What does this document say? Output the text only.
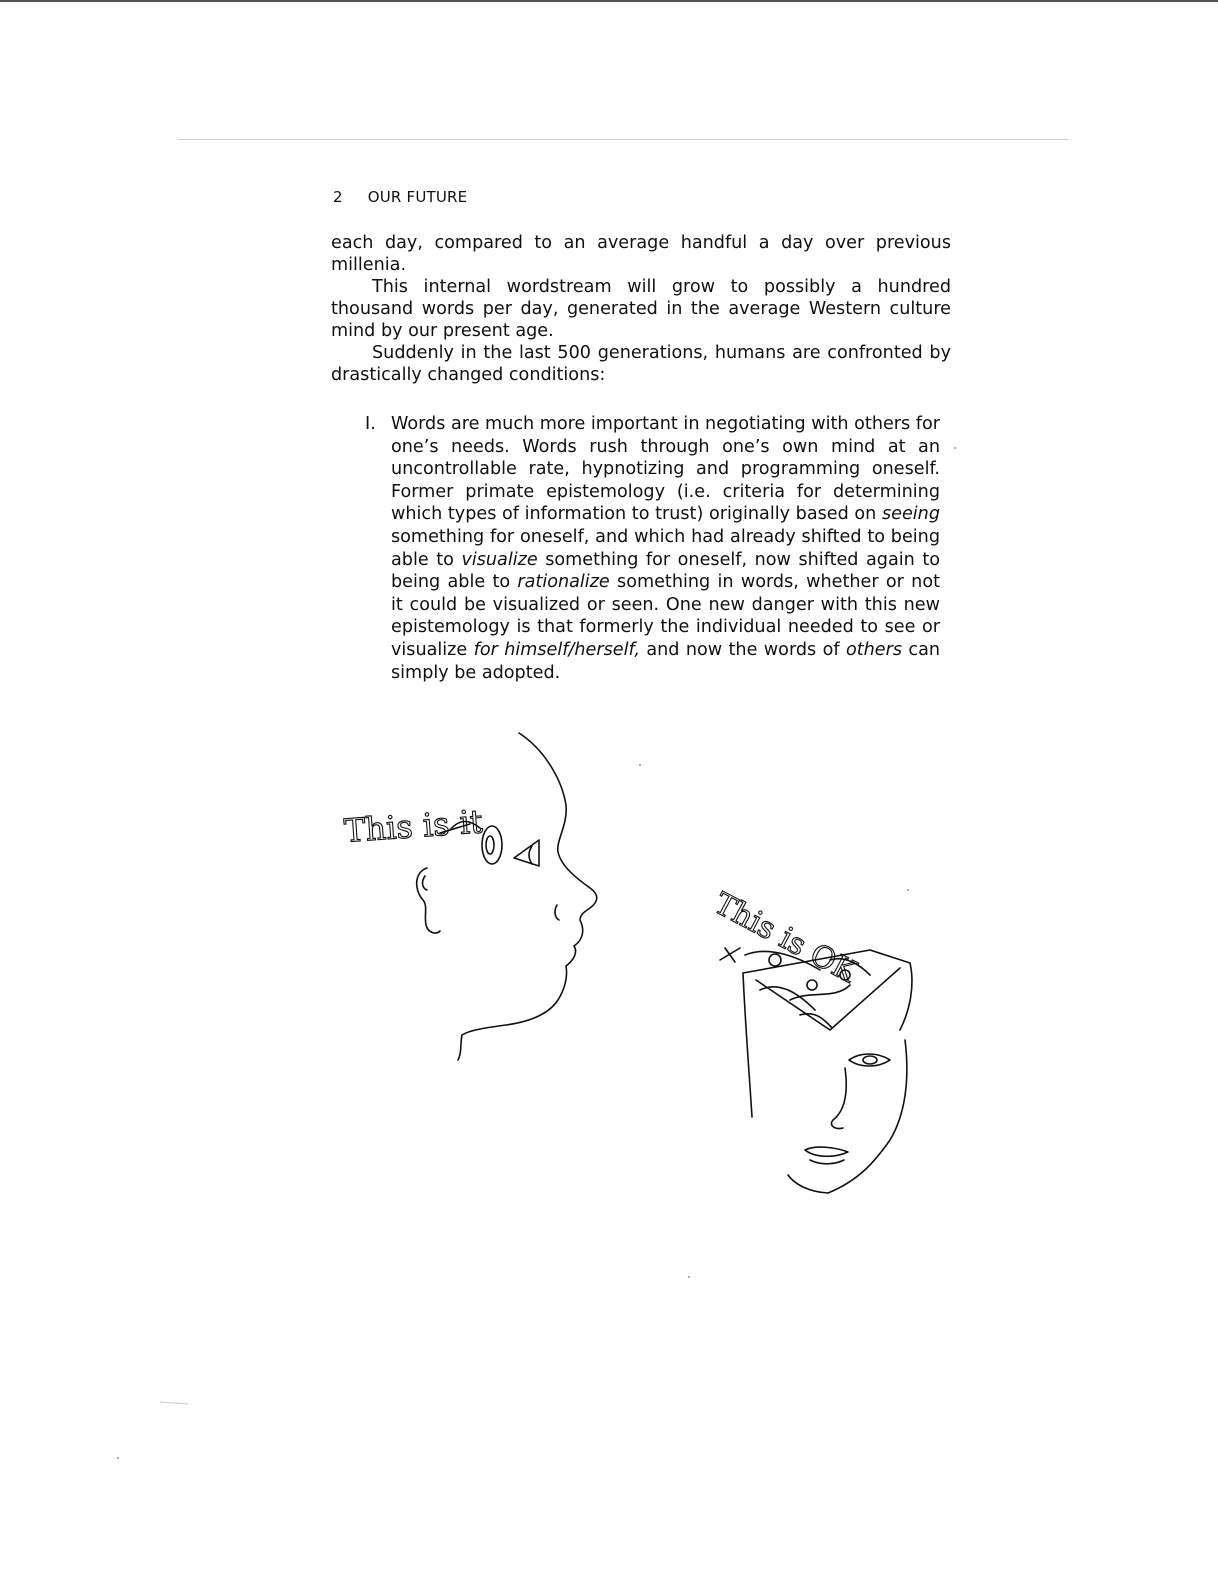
2 OUR FUTURE

each day, compared to an average handful a day over previous millenia.

This internal wordstream will grow to possibly a hundred thousand words per day, generated in the average Western culture mind by our present age.

Suddenly in the last 500 generations, humans are confronted by drastically changed conditions:

I. Words are much more important in negotiating with others for one’s needs. Words rush through one’s own mind at an uncontrollable rate, hypnotizing and programming oneself. Former primate epistemology (i.e. criteria for determining which types of information to trust) originally based on seeing something for oneself, and which had already shifted to being able to visualize something for oneself, now shifted again to being able to rationalize something in words, whether or not it could be visualized or seen. One new danger with this new epistemology is that formerly the individual needed to see or visualize for himself/herself, and now the words of others can simply be adopted.
This is it
This is OK
